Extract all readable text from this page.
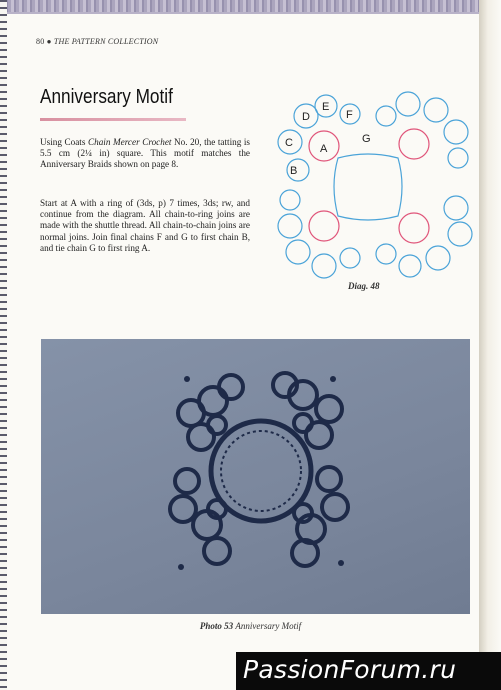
80 ● THE PATTERN COLLECTION
Anniversary Motif

Using Coats Chain Mercer Crochet No. 20, the tatting is 5.5 cm (2¼ in) square. This motif matches the Anniversary Braids shown on page 8.

Start at A with a ring of (3ds, p) 7 times, 3ds; rw, and continue from the diagram. All chain-to-ring joins are made with the shuttle thread. All chain-to-chain joins are normal joins. Join final chains F and G to first chain B, and tie chain G to first ring A.

A
B
C
D
E
F
G
Diag. 48
Photo 53 Anniversary Motif
PassionForum.ru
